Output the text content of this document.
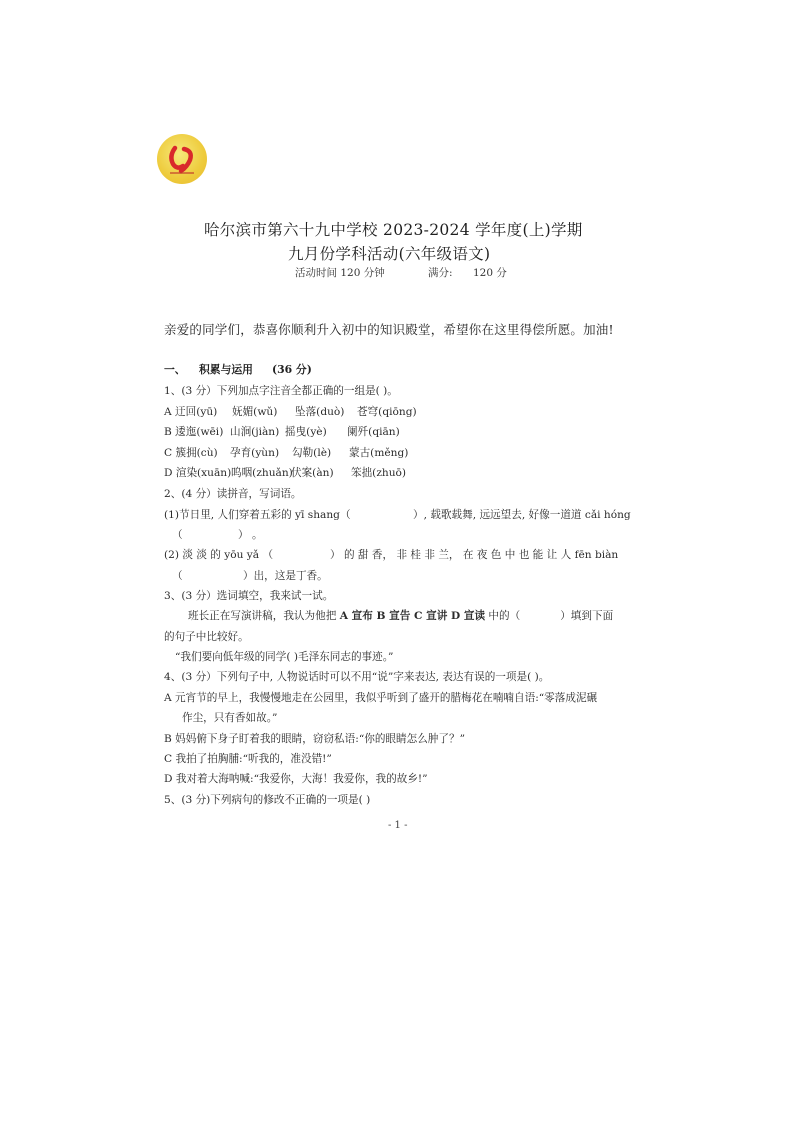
哈尔滨市第六十九中学校 2023-2024 学年度(上)学期
九月份学科活动(六年级语文)
活动时间 120 分钟	满分: 120 分
亲爱的同学们，恭喜你顺利升入初中的知识殿堂，希望你在这里得偿所愿。加油!
一、 积累与运用 (36 分)
1、(3 分）下列加点字注音全都正确的一组是( )。
A 迂回(yū) 妩媚(wǔ) 坠落(duò) 苍穹(qiōng)
B 逶迤(wēi) 山涧(jiàn) 摇曳(yè) 阑歼(qiān)
C 簇拥(cù) 孕育(yùn) 勾勒(lè) 蒙古(měng)
D 渲染(xuān)呜咽(zhuǎn)伏案(àn) 笨拙(zhuō)
2、(4 分）读拼音，写词语。
(1)节日里, 人们穿着五彩的 yī shang（	）, 载歌载舞, 远远望去, 好像一道道 cǎi hóng
（	） 。
(2) 淡 淡 的 yōu yǎ （	） 的 甜 香， 非 桂 非 兰， 在 夜 色 中 也 能 让 人 fēn biàn
（	）出，这是丁香。
3、(3 分）选词填空，我来试一试。
班长正在写演讲稿，我认为他把 A 宣布 B 宣告 C 宣讲 D 宣读 中的（	）填到下面
的句子中比较好。
“我们要向低年级的同学( )毛泽东同志的事迹。”
4、(3 分）下列句子中, 人物说话时可以不用“说”字来表达, 表达有误的一项是( )。
A 元宵节的早上，我慢慢地走在公园里，我似乎听到了盛开的腊梅花在喃喃自语:“零落成泥碾
作尘，只有香如故。”
B 妈妈俯下身子盯着我的眼睛，窃窃私语:“你的眼睛怎么肿了？”
C 我拍了拍胸脯:“听我的，准没错!”
D 我对着大海呐喊:“我爱你，大海！我爱你，我的故乡!”
5、(3 分)下列病句的修改不正确的一项是( )
- 1 -
